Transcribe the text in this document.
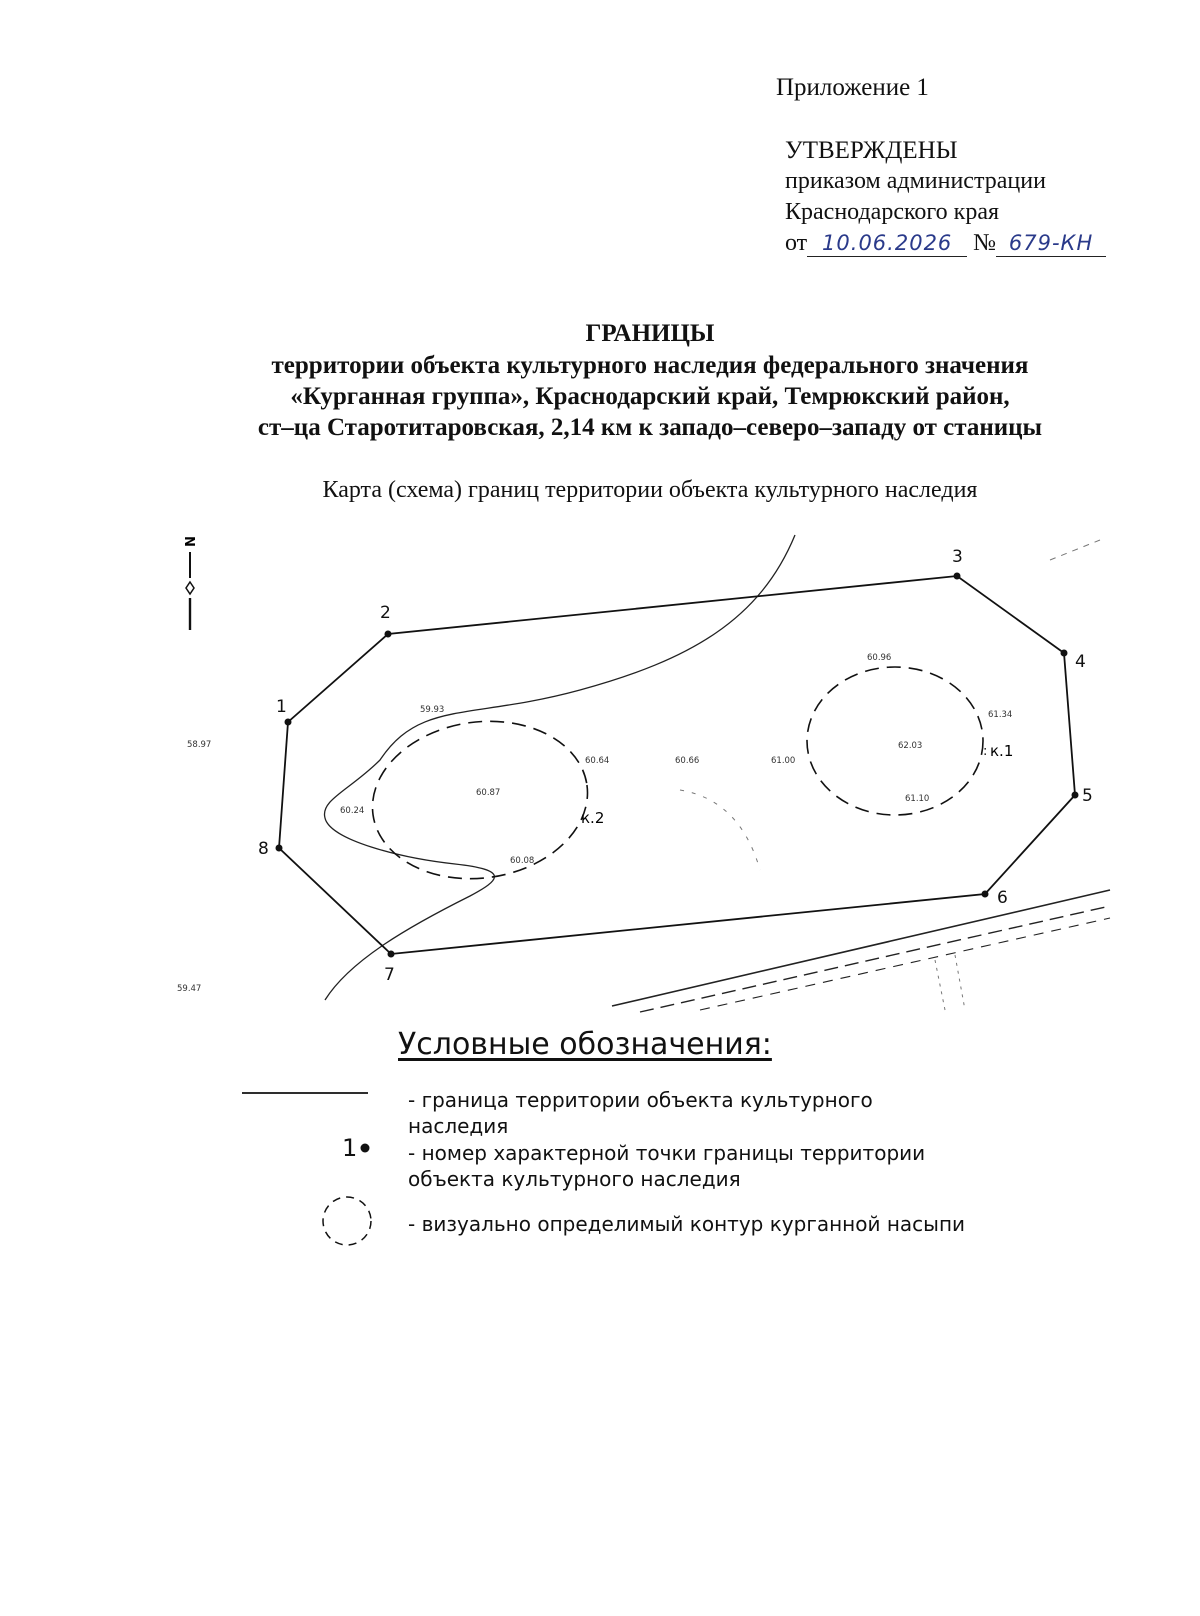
Приложение 1
УТВЕРЖДЕНЫ
приказом администрации
Краснодарского края
от 10.06.2026 № 679-КН
ГРАНИЦЫ
территории объекта культурного наследия федерального значения
«Курганная группа», Краснодарский край, Темрюкский район,
ст–ца Старотитаровская, 2,14 км к западо–северо–западу от станицы
Карта (схема) границ территории объекта культурного наследия
N
1
2
3
4
5
6
7
8
к.2
к.1
:
58.97
59.93
60.24
60.87
60.64	60.66
60.08
60.96
61.34
61.00
62.03
61.10
59.47
Условные обозначения:
- граница территории объекта культурного наследия
1	- номер характерной точки границы территории объекта культурного наследия
- визуально определимый контур курганной насыпи
